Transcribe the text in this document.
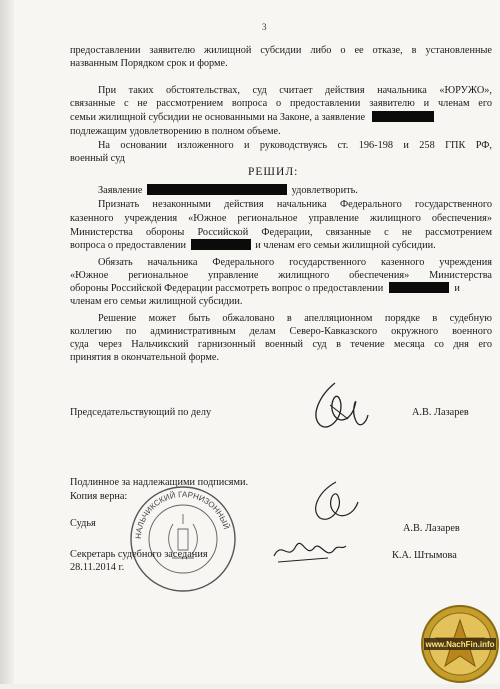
3
предоставлении заявителю жилищной субсидии либо о ее отказе, в установленные
названным Порядком срок и форме.
При таких обстоятельствах, суд считает действия начальника «ЮРУЖО»,
связанные с не рассмотрением вопроса о предоставлении заявителю и членам его
семьи жилищной субсидии не основанными на Законе, а заявление
подлежащим удовлетворению в полном объеме.
На основании изложенного и руководствуясь ст. 196-198 и 258 ГПК РФ,
военный суд
РЕШИЛ:
Заявление	удовлетворить.
Признать незаконными действия начальника Федерального государственного
казенного учреждения «Южное региональное управление жилищного обеспечения»
Министерства обороны Российской Федерации, связанные с не рассмотрением
вопроса о предоставлении	и членам его семьи жилищной субсидии.
Обязать начальника Федерального государственного казенного учреждения
«Южное региональное управление жилищного обеспечения» Министерства
обороны Российской Федерации рассмотреть вопрос о предоставлении	и
членам его семьи жилищной субсидии.
Решение может быть обжаловано в апелляционном порядке в судебную
коллегию по административным делам Северо-Кавказского окружного военного
суда через Нальчикский гарнизонный военный суд в течение месяца со дня его
принятия в окончательной форме.
Председательствующий по делу	А.В. Лазарев
Подлинное за надлежащими подписями.
Копия верна:
НАЛЬЧИКСКИЙ ГАРНИЗОННЫЙ
Судья	А.В. Лазарев
Секретарь судебного заседания
28.11.2014 г.
К.А. Штымова
www.NachFin.info
